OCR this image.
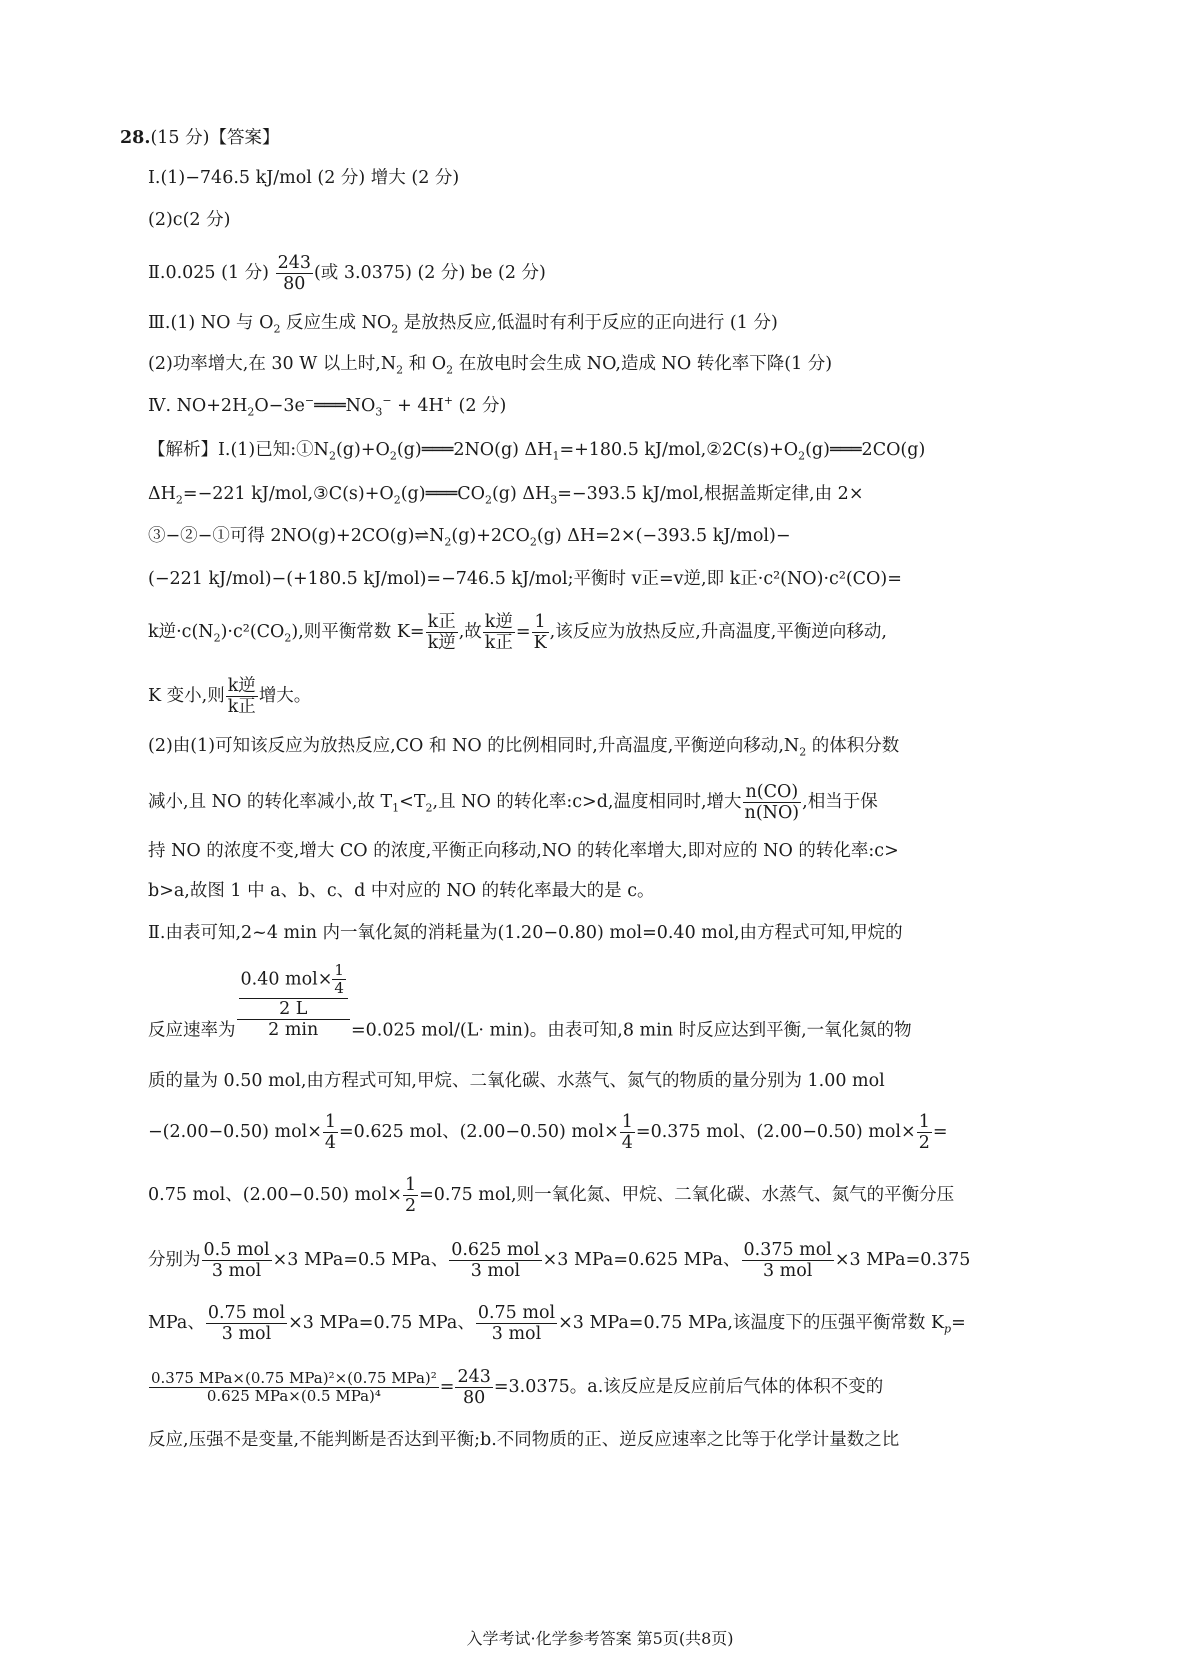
28.(15 分)【答案】
Ⅰ.(1)−746.5 kJ/mol (2 分) 增大 (2 分)
(2)c(2 分)
Ⅱ.0.025 (1 分) $\frac{243}{80}$ (或 3.0375) (2 分) be (2 分)
Ⅲ.(1) NO 与 $O_2$ 反应生成 $NO_2$ 是放热反应,低温时有利于反应的正向进行 (1 分)
(2)功率增大,在 30 W 以上时$,N_2$ 和 $O_2$ 在放电时会生成 NO,造成 NO 转化率下降(1 分)
Ⅳ. $NO+2H_2O-3e^-═══NO_3^- + 4H^+$ (2 分)
【解析】Ⅰ.(1)已知$:①N_2(g)+O_2(g)═══2NO(g)$ $\Delta H_1=+180.5$ $kJ/mol,②2C(s)+O_2(g)═══2CO(g)$
$\Delta H_2=-221$ $kJ/mol,③C(s)+O_2(g)═══CO_2(g)$ $\Delta H_3=-393.5$ kJ/mol,根据盖斯定律,由 2×
③−②−①可得 $2NO(g)+2CO(g)\rightleftharpoons N_2(g)+2CO_2(g)$ ΔH=2×(−393.5 kJ/mol)−
(−221 kJ/mol)−(+180.5 kJ/mol)=−746.5 kJ/mol;平衡时 v正=v逆,即 k正·c²(NO)·c²(CO)=
k逆$\cdot c(N_2)\cdot c^2(CO_2)$,则平衡常数 K=
k正
k逆
,故
k逆
k正
= $\frac{1}{K}$ ,该反应为放热反应,升高温度,平衡逆向移动,
K 变小,则
k逆
k正
增大。
(2)由(1)可知该反应为放热反应,CO 和 NO 的比例相同时,升高温度,平衡逆向移动$,N_2$ 的体积分数
减小,且 NO 的转化率减小,故 $T_1<T_2$,且 NO 的转化率:c>d,温度相同时,增大 $\frac{n(CO)}{n(NO)}$ ,相当于保
持 NO 的浓度不变,增大 CO 的浓度,平衡正向移动,NO 的转化率增大,即对应的 NO 的转化率:c>
b>a,故图 1 中 a、b、c、d 中对应的 NO 的转化率最大的是 c。
Ⅱ.由表可知,2~4 min 内一氧化氮的消耗量为(1.20−0.80) mol=0.40 mol,由方程式可知,甲烷的
反应速率为
0.40 $mol\times \frac{1}{4}$
2 L
2 min	=0.025 mol/(L· min)。由表可知,8 min 时反应达到平衡,一氧化氮的物
质的量为 0.50 mol,由方程式可知,甲烷、二氧化碳、水蒸气、氮气的物质的量分别为 1.00 mol
−(2.00−0.50) $mol\times \frac{1}{4} =0.625$ mol、(2.00−0.50) $mol\times \frac{1}{4} =0.375$ mol、(2.00−0.50) $mol\times \frac{1}{2}$ =
0.75 mol、(2.00−0.50) $mol\times \frac{1}{2} =0.75$ mol,则一氧化氮、甲烷、二氧化碳、水蒸气、氮气的平衡分压
分别为
0.5 mol
3 mol
×3 MPa=0.5 MPa、
0.625 mol
3 mol
×3 MPa=0.625 MPa、
0.375 mol
3 mol
×3 MPa=0.375
MPa、
0.75 mol
3 mol
×3 MPa=0.75 MPa、
0.75 mol
3 mol
×3 MPa=0.75 MPa,该温度下的压强平衡常数 $K_p=$
0.375 MPa×(0.75 MPa)²×(0.75 MPa)²
0.625 MPa×(0.5 MPa)⁴	= $\frac{243}{80} =3.0375$。a.该反应是反应前后气体的体积不变的
反应,压强不是变量,不能判断是否达到平衡;b.不同物质的正、逆反应速率之比等于化学计量数之比
入学考试·化学参考答案 第5页(共8页)
